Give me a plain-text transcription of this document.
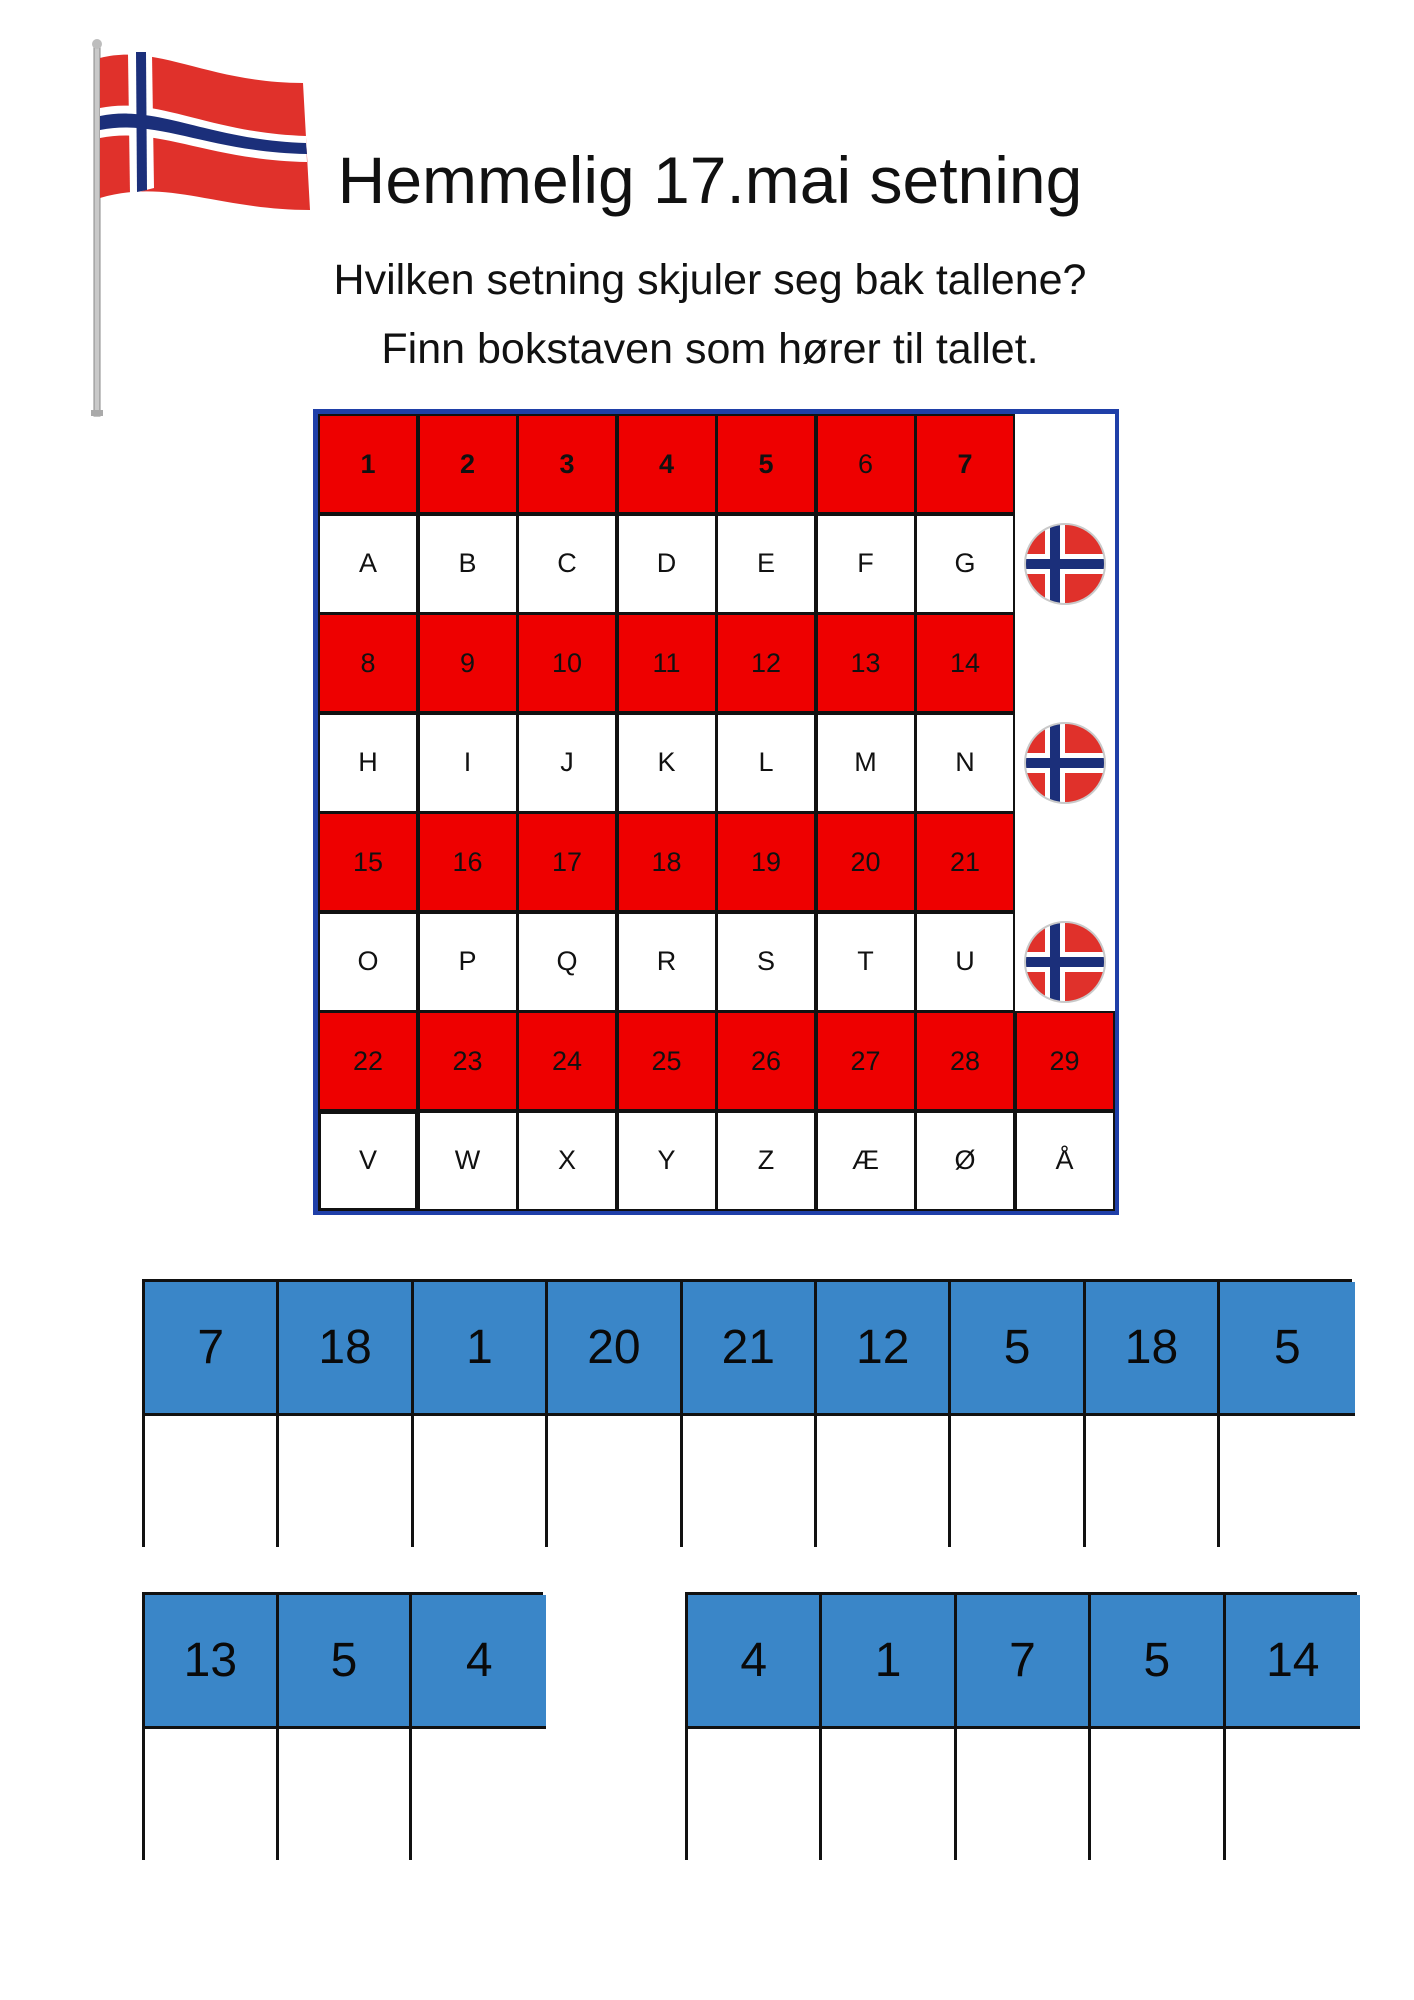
Hemmelig 17.mai setning
Hvilken setning skjuler seg bak tallene?
Finn bokstaven som hører til tallet.
1	2	3	4	5	6	7
A	B	C	D	E	F	G
8	9	10	11	12	13	14
H	I	J	K	L	M	N
15	16	17	18	19	20	21
O	P	Q	R	S	T	U
22	23	24	25	26	27	28	29
V	W	X	Y	Z	Æ	Ø	Å
7	18	1	20	21	12	5	18	5
13	5	4	4	1	7	5	14
